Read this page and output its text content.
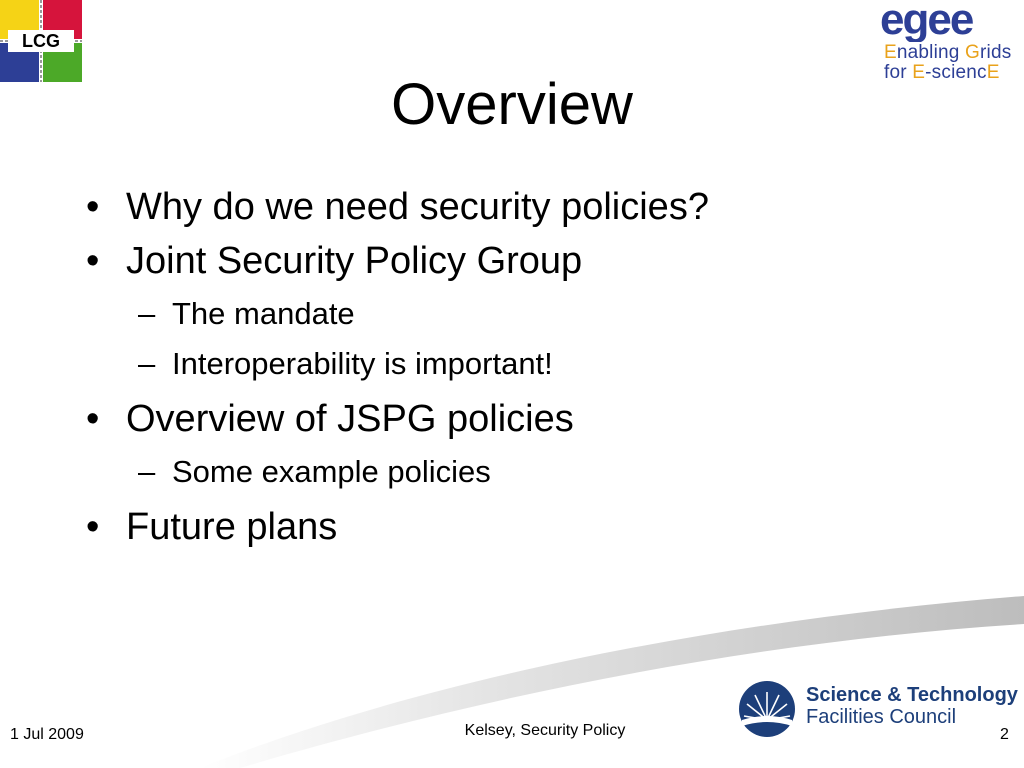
LCG	egee
Enabling Grids
for E-sciencE
Overview
• Why do we need security policies?
• Joint Security Policy Group
– The mandate
– Interoperability is important!
• Overview of JSPG policies
– Some example policies
• Future plans
Science & Technology
Facilities Council
1 Jul 2009	Kelsey, Security Policy	2
